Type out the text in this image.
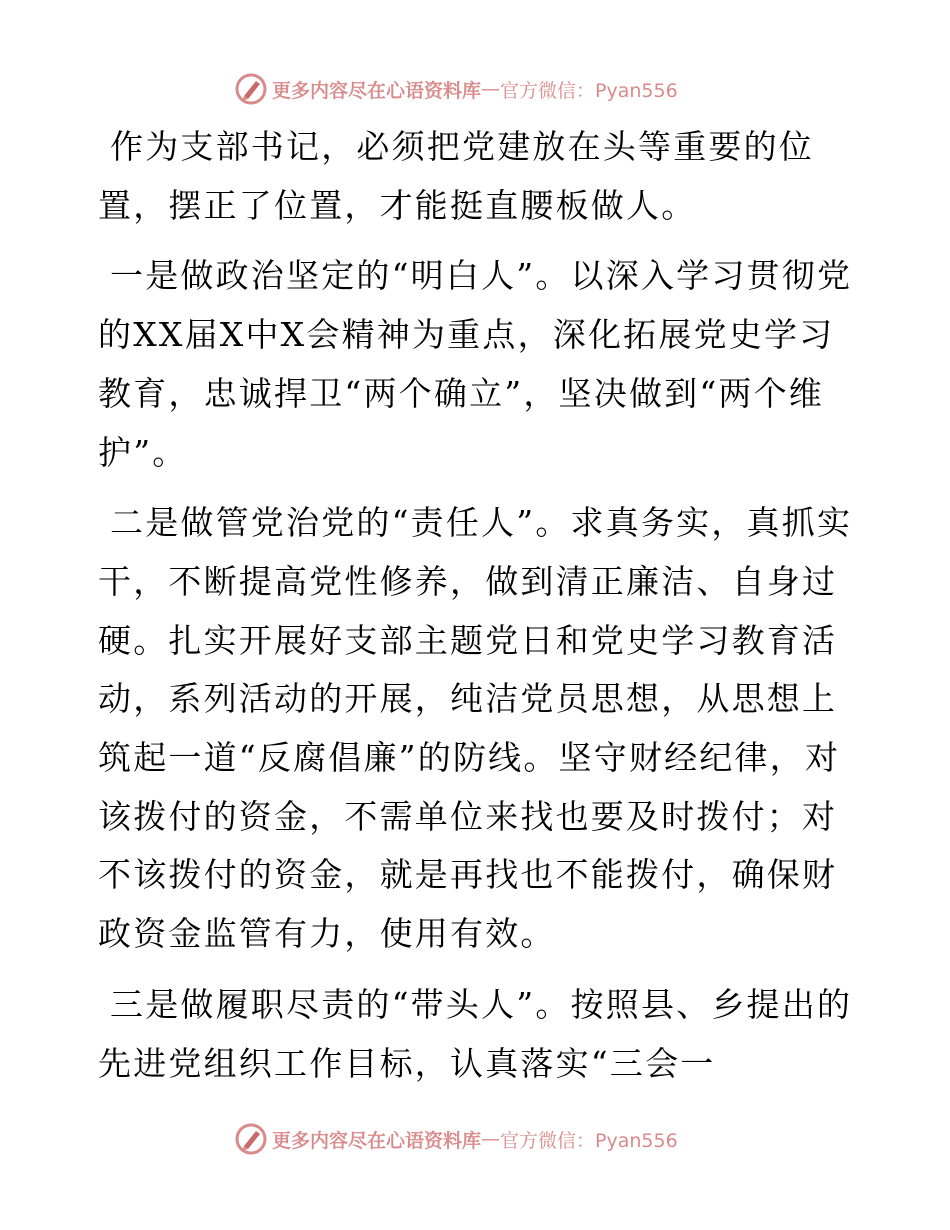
更多内容尽在心语资料库 — 官方微信：Pyan556

作为支部书记，必须把党建放在头等重要的位置，摆正了位置，才能挺直腰板做人。

一是做政治坚定的“明白人”。以深入学习贯彻党的XX届X中X会精神为重点，深化拓展党史学习教育，忠诚捍卫“两个确立”，坚决做到“两个维护”。

二是做管党治党的“责任人”。求真务实，真抓实干，不断提高党性修养，做到清正廉洁、自身过硬。扎实开展好支部主题党日和党史学习教育活动，系列活动的开展，纯洁党员思想，从思想上筑起一道“反腐倡廉”的防线。坚守财经纪律，对该拨付的资金，不需单位来找也要及时拨付；对不该拨付的资金，就是再找也不能拨付，确保财政资金监管有力，使用有效。

三是做履职尽责的“带头人”。按照县、乡提出的先进党组织工作目标，认真落实“三会一

更多内容尽在心语资料库 — 官方微信：Pyan556
